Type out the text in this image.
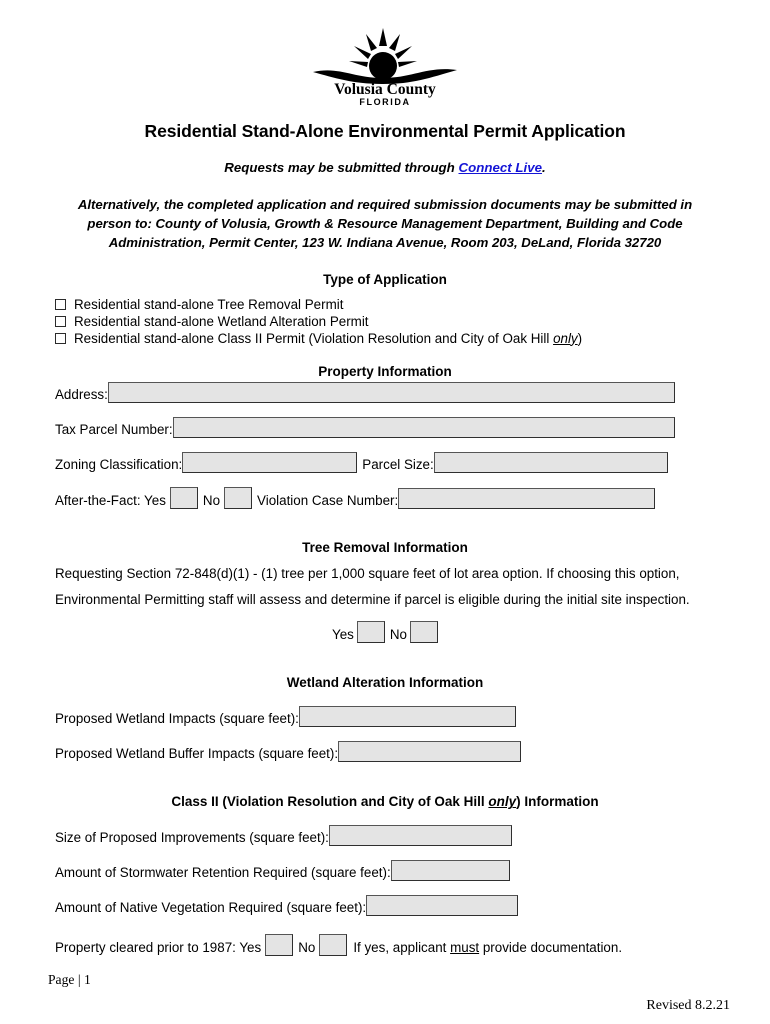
Volusia County
FLORIDA
Residential Stand-Alone Environmental Permit Application
Requests may be submitted through Connect Live.
Alternatively, the completed application and required submission documents may be submitted in person to: County of Volusia, Growth & Resource Management Department, Building and Code Administration, Permit Center, 123 W. Indiana Avenue, Room 203, DeLand, Florida 32720
Type of Application
Residential stand-alone Tree Removal Permit
Residential stand-alone Wetland Alteration Permit
Residential stand-alone Class II Permit (Violation Resolution and City of Oak Hill only)
Property Information
Address:
Tax Parcel Number:
Zoning Classification:	Parcel Size:
After-the-Fact: Yes	No	Violation Case Number:
Tree Removal Information
Requesting Section 72-848(d)(1) - (1) tree per 1,000 square feet of lot area option. If choosing this option,
Environmental Permitting staff will assess and determine if parcel is eligible during the initial site inspection.
Yes	No
Wetland Alteration Information
Proposed Wetland Impacts (square feet):
Proposed Wetland Buffer Impacts (square feet):
Class II (Violation Resolution and City of Oak Hill only) Information
Size of Proposed Improvements (square feet):
Amount of Stormwater Retention Required (square feet):
Amount of Native Vegetation Required (square feet):
Property cleared prior to 1987: Yes	No	If yes, applicant must provide documentation.
Page | 1
Revised 8.2.21
